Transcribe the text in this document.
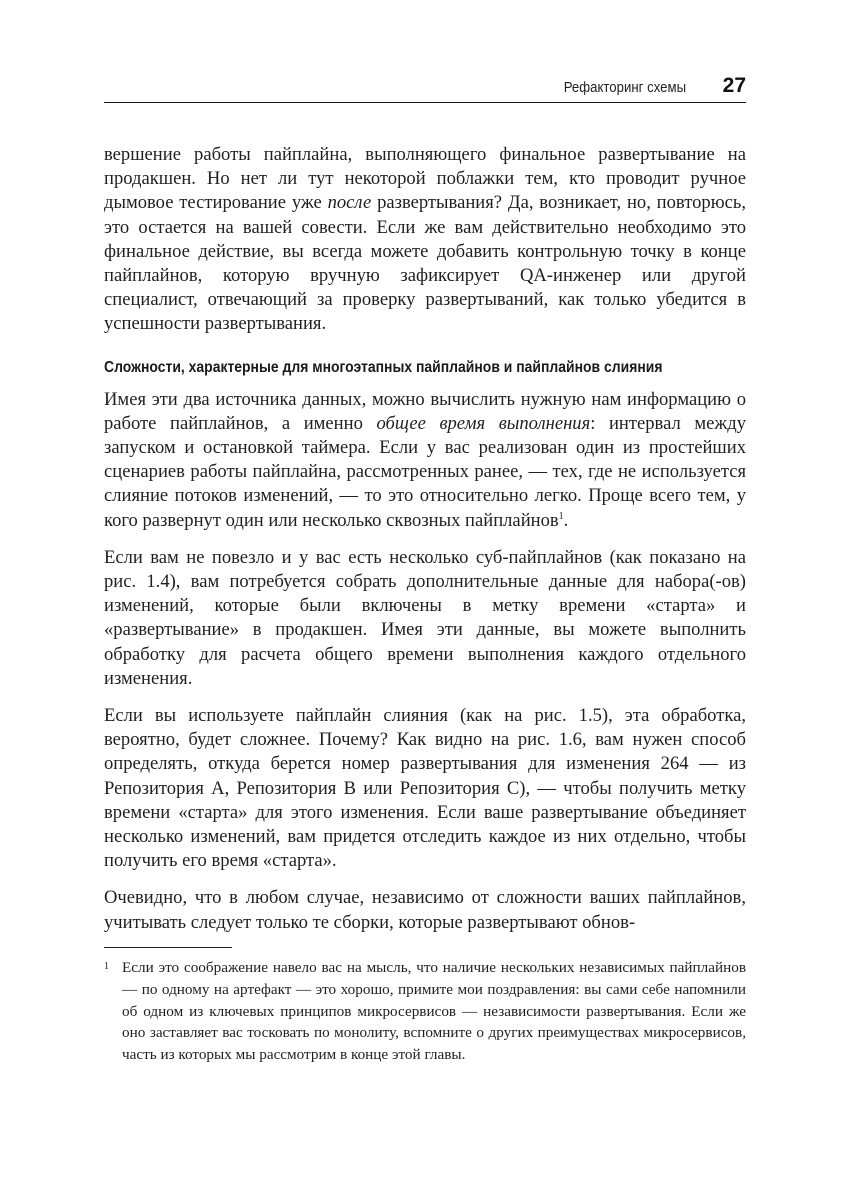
Рефакторинг схемы 27

вершение работы пайплайна, выполняющего финальное развертывание на продакшен. Но нет ли тут некоторой поблажки тем, кто проводит ручное дымовое тестирование уже после развертывания? Да, возникает, но, повторюсь, это остается на вашей совести. Если же вам действительно необходимо это финальное действие, вы всегда можете добавить контрольную точку в конце пайплайнов, которую вручную зафиксирует QA-инженер или другой специалист, отвечающий за проверку развертываний, как только убедится в успешности развертывания.

Сложности, характерные для многоэтапных пайплайнов и пайплайнов слияния

Имея эти два источника данных, можно вычислить нужную нам информацию о работе пайплайнов, а именно общее время выполнения: интервал между запуском и остановкой таймера. Если у вас реализован один из простейших сценариев работы пайплайна, рассмотренных ранее, — тех, где не используется слияние потоков изменений, — то это относительно легко. Проще всего тем, у кого развернут один или несколько сквозных пайплайнов$^1$.

Если вам не повезло и у вас есть несколько суб-пайплайнов (как показано на рис. 1.4), вам потребуется собрать дополнительные данные для набора(-ов) изменений, которые были включены в метку времени «старта» и «развертывание» в продакшен. Имея эти данные, вы можете выполнить обработку для расчета общего времени выполнения каждого отдельного изменения.

Если вы используете пайплайн слияния (как на рис. 1.5), эта обработка, вероятно, будет сложнее. Почему? Как видно на рис. 1.6, вам нужен способ определять, откуда берется номер развертывания для изменения 264 — из Репозитория A, Репозитория B или Репозитория C), — чтобы получить метку времени «старта» для этого изменения. Если ваше развертывание объединяет несколько изменений, вам придется отследить каждое из них отдельно, чтобы получить его время «старта».

Очевидно, что в любом случае, независимо от сложности ваших пайплайнов, учитывать следует только те сборки, которые развертывают обнов-

1 Если это соображение навело вас на мысль, что наличие нескольких независимых пайплайнов — по одному на артефакт — это хорошо, примите мои поздравления: вы сами себе напомнили об одном из ключевых принципов микросервисов — независимости развертывания. Если же оно заставляет вас тосковать по монолиту, вспомните о других преимуществах микросервисов, часть из которых мы рассмотрим в конце этой главы.
